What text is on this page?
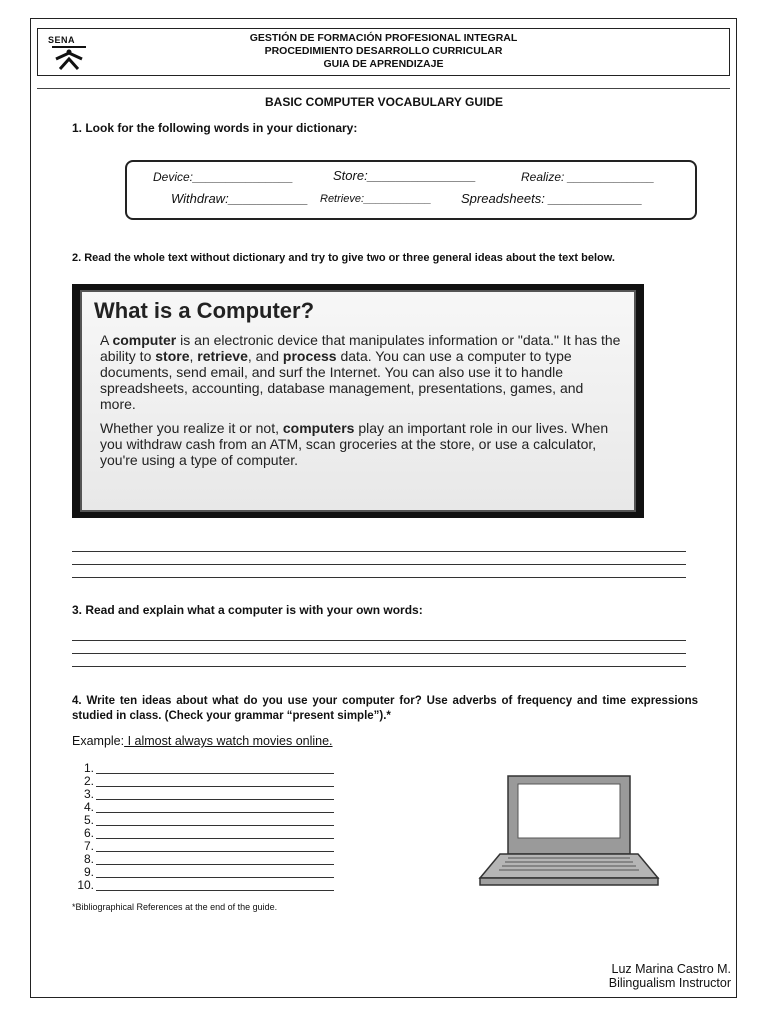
SENA	GESTIÓN DE FORMACIÓN PROFESIONAL INTEGRAL
PROCEDIMIENTO DESARROLLO CURRICULAR
GUIA DE APRENDIZAJE
BASIC COMPUTER VOCABULARY GUIDE
1. Look for the following words in your dictionary:
Device:_______________	Store:_______________	Realize: _____________
Withdraw:___________ Retrieve:___________ Spreadsheets: _____________
2. Read the whole text without dictionary and try to give two or three general ideas about the text below.
What is a Computer?

A computer is an electronic device that manipulates information or "data." It has the ability to store, retrieve, and process data. You can use a computer to type documents, send email, and surf the Internet. You can also use it to handle spreadsheets, accounting, database management, presentations, games, and more.

Whether you realize it or not, computers play an important role in our lives. When you withdraw cash from an ATM, scan groceries at the store, or use a calculator, you're using a type of computer.

3. Read and explain what a computer is with your own words:
4. Write ten ideas about what do you use your computer for? Use adverbs of frequency and time expressions studied in class. (Check your grammar “present simple”).*
Example: I almost always watch movies online.
1.
2.
3.
4.
5.
6.
7.
8.
9.
10.
*Bibliographical References at the end of the guide.
Luz Marina Castro M.
Bilingualism Instructor
